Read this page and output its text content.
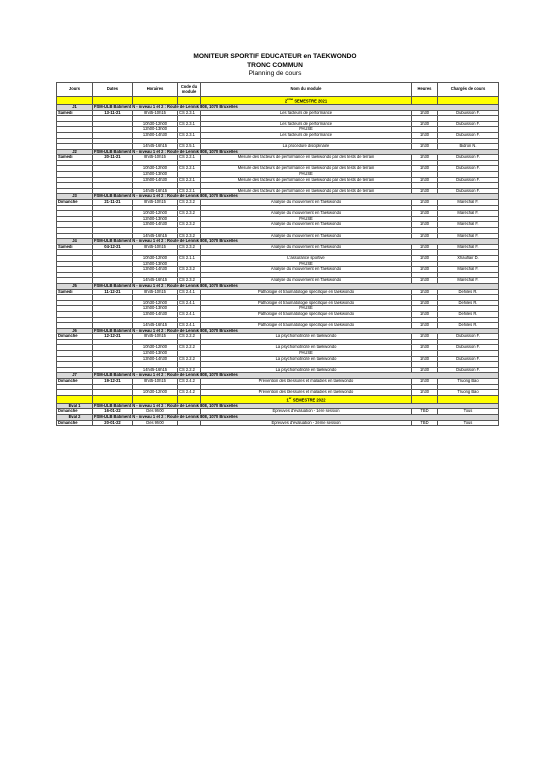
MONITEUR SPORTIF EDUCATEUR en TAEKWONDO
TRONC COMMUN
Planning de cours
Jours	Dates	Horaires	Code du module	Nom du module	Heures	Chargés de cours
				2ème SEMESTRE 2021		
J1	FSM-ULB Batiment N - niveau 1 et 2 : Route de Lennik 808, 1070 Bruxelles					
Samedi	13-11-21	8h45-10h15	CS 2.3.1	Les facteurs de performance	1h30	Dubuisson F.

		10h30-12h00	CS 2.3.1	Les facteurs de performance	1h30	Dubuisson F.
		12h00-13h00		PAUSE		
		13h00-14h30	CS 2.3.1	Les facteurs de performance	1h30	Dubuisson F.

		14h45-16h15	CS 2.5.1	La procédure disciplinaire	1h30	Bidron N.
J2	FSM-ULB Batiment N - niveau 1 et 2 : Route de Lennik 808, 1070 Bruxelles					
Samedi	20-11-21	8h45-10h15	CS 2.2.1	Mesure des facteurs de performance en taekwondo par des tests de terrain	1h30	Dubuisson F.

		10h30-12h00	CS 2.2.1	Mesure des facteurs de performance en taekwondo par des tests de terrain	1h30	Dubuisson F.
		12h00-13h00		PAUSE		
		13h00-14h30	CS 2.2.1	Mesure des facteurs de performance en taekwondo par des tests de terrain	1h30	Dubuisson F.

		14h45-16h15	CS 2.2.1	Mesure des facteurs de performance en taekwondo par des tests de terrain	1h30	Dubuisson F.
J3	FSM-ULB Batiment N - niveau 1 et 2 : Route de Lennik 808, 1070 Bruxelles					
Dimanche	21-11-21	8h45-10h15	CS 2.3.2	Analyse du mouvement en Taekwondo	1h30	Maréchal F.

		10h30-12h00	CS 2.3.2	Analyse du mouvement en Taekwondo	1h30	Maréchal F.
		12h00-13h00		PAUSE		
		13h00-14h30	CS 2.3.2	Analyse du mouvement en Taekwondo	1h30	Maréchal F.

		14h45-16h15	CS 2.3.2	Analyse du mouvement en Taekwondo	1h30	Maréchal F.
J4	FSM-ULB Batiment N - niveau 1 et 2 : Route de Lennik 808, 1070 Bruxelles					
Samedi	04-12-21	8h45-10h15	CS 2.3.2	Analyse du mouvement en Taekwondo	1h30	Maréchal F.

		10h30-12h00	CS 2.1.1	L'assurance sportive	1h30	Xhauflair D.
		12h00-13h00		PAUSE		
		13h00-14h30	CS 2.3.2	Analyse du mouvement en Taekwondo	1h30	Maréchal F.

		14h45-16h15	CS 2.3.2	Analyse du mouvement en Taekwondo	1h30	Maréchal F.
J5	FSM-ULB Batiment N - niveau 1 et 2 : Route de Lennik 808, 1070 Bruxelles					
Samedi	11-12-21	8h45-10h15	CS 2.4.1	Pathologie et traumatologie spécifique en taekwondo	1h30	Dehiles R.

		10h30-12h00	CS 2.4.1	Pathologie et traumatologie spécifique en taekwondo	1h30	Dehiles R.
		12h00-13h00		PAUSE		
		13h00-14h30	CS 2.4.1	Pathologie et traumatologie spécifique en taekwondo	1h30	Dehiles R.

		14h45-16h15	CS 2.4.1	Pathologie et traumatologie spécifique en taekwondo	1h30	Dehiles R.
J6	FSM-ULB Batiment N - niveau 1 et 2 : Route de Lennik 808, 1070 Bruxelles					
Dimanche	12-12-21	8h45-10h15	CS 2.2.2	La psychomotricité en taekwondo	1h30	Dubuisson F.

		10h30-12h00	CS 2.2.2	La psychomotricité en taekwondo	1h30	Dubuisson F.
		12h00-13h00		PAUSE		
		13h00-14h30	CS 2.2.2	La psychomotricité en taekwondo	1h30	Dubuisson F.

		14h45-16h15	CS 2.2.2	La psychomotricité en taekwondo	1h30	Dubuisson F.
J7	FSM-ULB Batiment N - niveau 1 et 2 : Route de Lennik 808, 1070 Bruxelles					
Dimanche	19-12-21	8h45-10h15	CS 2.4.2	Prévention des blessures et maladies en taekwondo	1h30	Truong Bao

		10h30-12h00	CS 2.4.2	Prévention des blessures et maladies en taekwondo	1h30	Truong Bao
				1er SEMESTRE 2022		
Eval 1	FSM-ULB Batiment N - niveau 1 et 2 : Route de Lennik 808, 1070 Bruxelles					
Dimanche	16-01-22	Dès 9h00		Epreuves d'évaluation - 1ère session	TBD	Tous
Eval 2	FSM-ULB Batiment N - niveau 1 et 2 : Route de Lennik 808, 1070 Bruxelles					
Dimanche	20-01-22	Dès 9h00		Epreuves d'évaluation - 2ème session	TBD	Tous
